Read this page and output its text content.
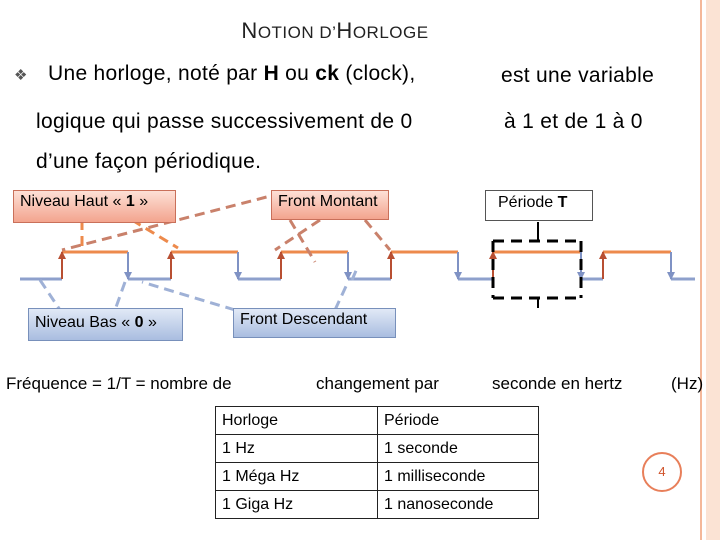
NOTION D’HORLOGE
❖ Une horloge, noté par H ou ck (clock),	est une variable
logique qui passe successivement de 0	à 1 et de 1 à 0
d’une façon périodique.
Niveau Haut « 1 »	Front Montant	Période T
Niveau Bas « 0 »	Front Descendant
Fréquence = 1/T = nombre de	changement par	seconde en hertz	(Hz)
Horloge	Période
1 Hz	1 seconde
1 Méga Hz	1 milliseconde
1 Giga Hz	1 nanoseconde
4
